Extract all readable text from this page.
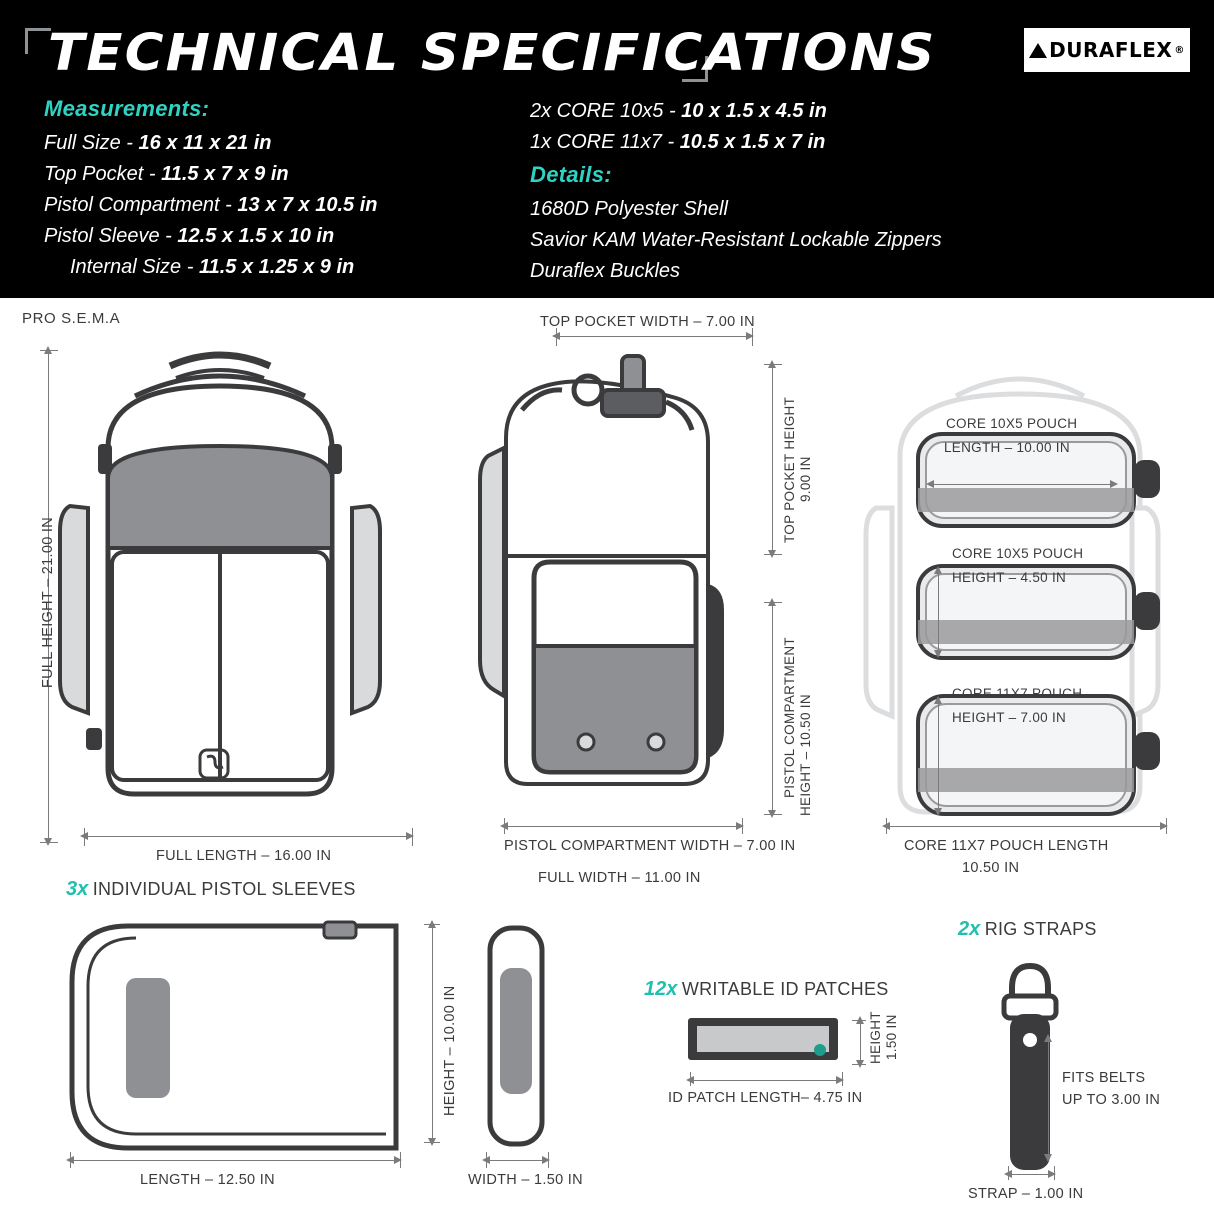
TECHNICAL SPECIFICATIONS	DURAFLEX ®
Measurements:
Full Size - 16 x 11 x 21 in
Top Pocket - 11.5 x 7 x 9 in
Pistol Compartment - 13 x 7 x 10.5 in
Pistol Sleeve - 12.5 x 1.5 x 10 in
Internal Size - 11.5 x 1.25 x 9 in
2x CORE 10x5 - 10 x 1.5 x 4.5 in
1x CORE 11x7 - 10.5 x 1.5 x 7 in
Details:
1680D Polyester Shell
Savior KAM Water-Resistant Lockable Zippers
Duraflex Buckles
PRO S.E.M.A
FULL HEIGHT – 21.00 IN
FULL LENGTH – 16.00 IN
TOP POCKET WIDTH – 7.00 IN
TOP POCKET HEIGHT 9.00 IN
PISTOL COMPARTMENT HEIGHT – 10.50 IN
PISTOL COMPARTMENT WIDTH – 7.00 IN
FULL WIDTH – 11.00 IN
CORE 10X5 POUCH
LENGTH – 10.00 IN
CORE 10X5 POUCH
HEIGHT – 4.50 IN
CORE 11X7 POUCH
HEIGHT – 7.00 IN
CORE 11X7 POUCH LENGTH
10.50 IN
3x INDIVIDUAL PISTOL SLEEVES
HEIGHT – 10.00 IN
LENGTH – 12.50 IN	WIDTH – 1.50 IN
12x WRITABLE ID PATCHES
ID PATCH LENGTH– 4.75 IN
HEIGHT 1.50 IN
2x RIG STRAPS
FITS BELTS
UP TO 3.00 IN
STRAP – 1.00 IN
